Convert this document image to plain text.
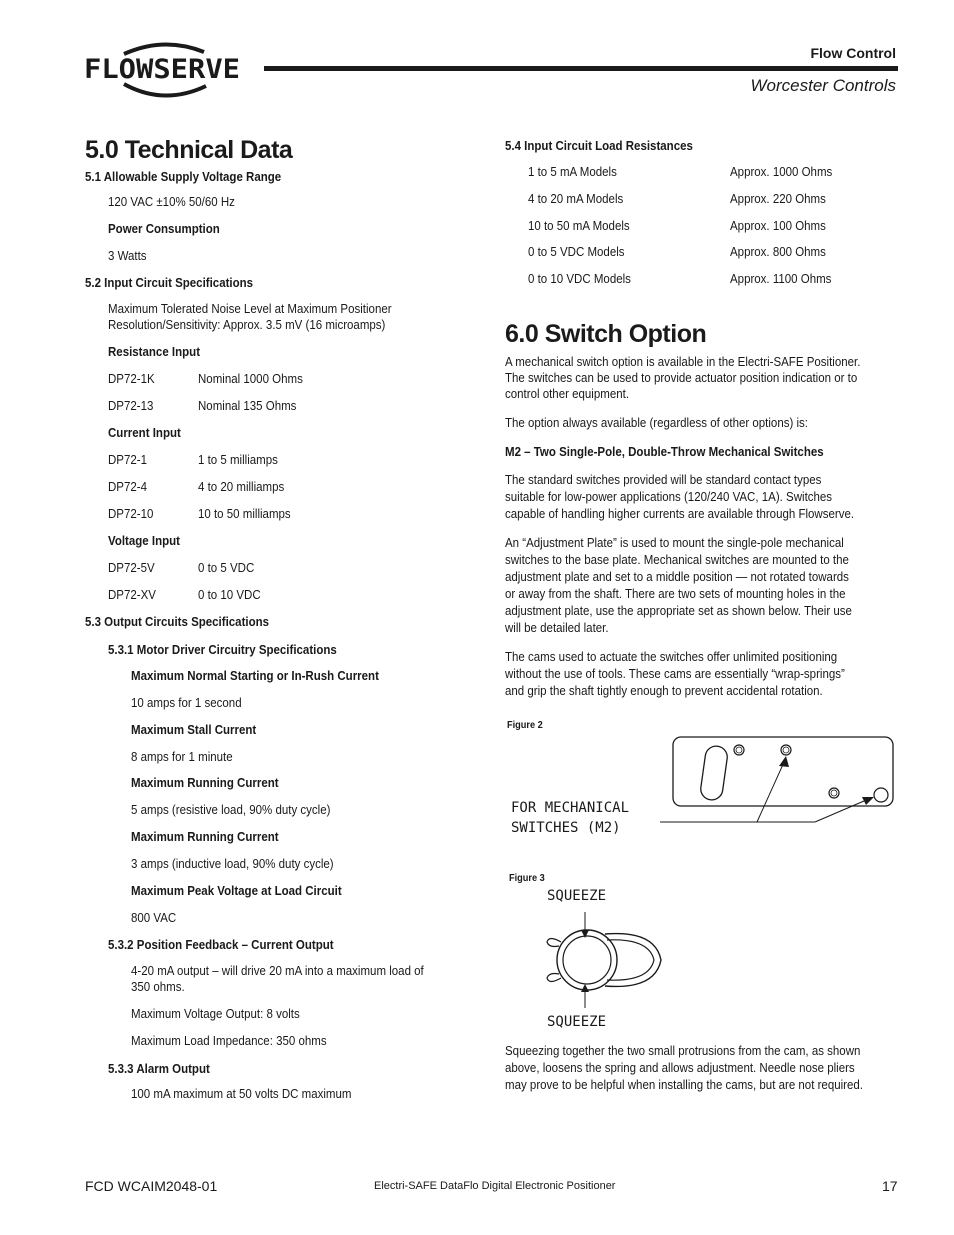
FLOWSERVE
Flow Control
Worcester Controls
5.0 Technical Data
5.1 Allowable Supply Voltage Range
120 VAC ±10% 50/60 Hz
Power Consumption
3 Watts
5.2 Input Circuit Specifications
Maximum Tolerated Noise Level at Maximum Positioner
Resolution/Sensitivity: Approx. 3.5 mV (16 microamps)
Resistance Input
DP72-1K	Nominal 1000 Ohms
DP72-13	Nominal 135 Ohms
Current Input
DP72-1	1 to 5 milliamps
DP72-4	4 to 20 milliamps
DP72-10	10 to 50 milliamps
Voltage Input
DP72-5V	0 to 5 VDC
DP72-XV	0 to 10 VDC
5.3 Output Circuits Specifications
5.3.1 Motor Driver Circuitry Specifications
Maximum Normal Starting or In-Rush Current
10 amps for 1 second
Maximum Stall Current
8 amps for 1 minute
Maximum Running Current
5 amps (resistive load, 90% duty cycle)
Maximum Running Current
3 amps (inductive load, 90% duty cycle)
Maximum Peak Voltage at Load Circuit
800 VAC
5.3.2 Position Feedback – Current Output
4-20 mA output – will drive 20 mA into a maximum load of
350 ohms.
Maximum Voltage Output: 8 volts
Maximum Load Impedance: 350 ohms
5.3.3 Alarm Output
100 mA maximum at 50 volts DC maximum
5.4 Input Circuit Load Resistances
1 to 5 mA Models	Approx. 1000 Ohms
4 to 20 mA Models	Approx. 220 Ohms
10 to 50 mA Models	Approx. 100 Ohms
0 to 5 VDC Models	Approx. 800 Ohms
0 to 10 VDC Models	Approx. 1100 Ohms
6.0 Switch Option
A mechanical switch option is available in the Electri-SAFE Positioner.
The switches can be used to provide actuator position indication or to
control other equipment.
The option always available (regardless of other options) is:
M2 – Two Single-Pole, Double-Throw Mechanical Switches
The standard switches provided will be standard contact types
suitable for low-power applications (120/240 VAC, 1A). Switches
capable of handling higher currents are available through Flowserve.
An “Adjustment Plate” is used to mount the single-pole mechanical
switches to the base plate. Mechanical switches are mounted to the
adjustment plate and set to a middle position — not rotated towards
or away from the shaft. There are two sets of mounting holes in the
adjustment plate, use the appropriate set as shown below. Their use
will be detailed later.
The cams used to actuate the switches offer unlimited positioning
without the use of tools. These cams are essentially “wrap-springs”
and grip the shaft tightly enough to prevent accidental rotation.
Figure 2
FOR MECHANICAL
SWITCHES (M2)
Figure 3
SQUEEZE
SQUEEZE
Squeezing together the two small protrusions from the cam, as shown
above, loosens the spring and allows adjustment. Needle nose pliers
may prove to be helpful when installing the cams, but are not required.
FCD WCAIM2048-01	Electri-SAFE DataFlo Digital Electronic Positioner	17
